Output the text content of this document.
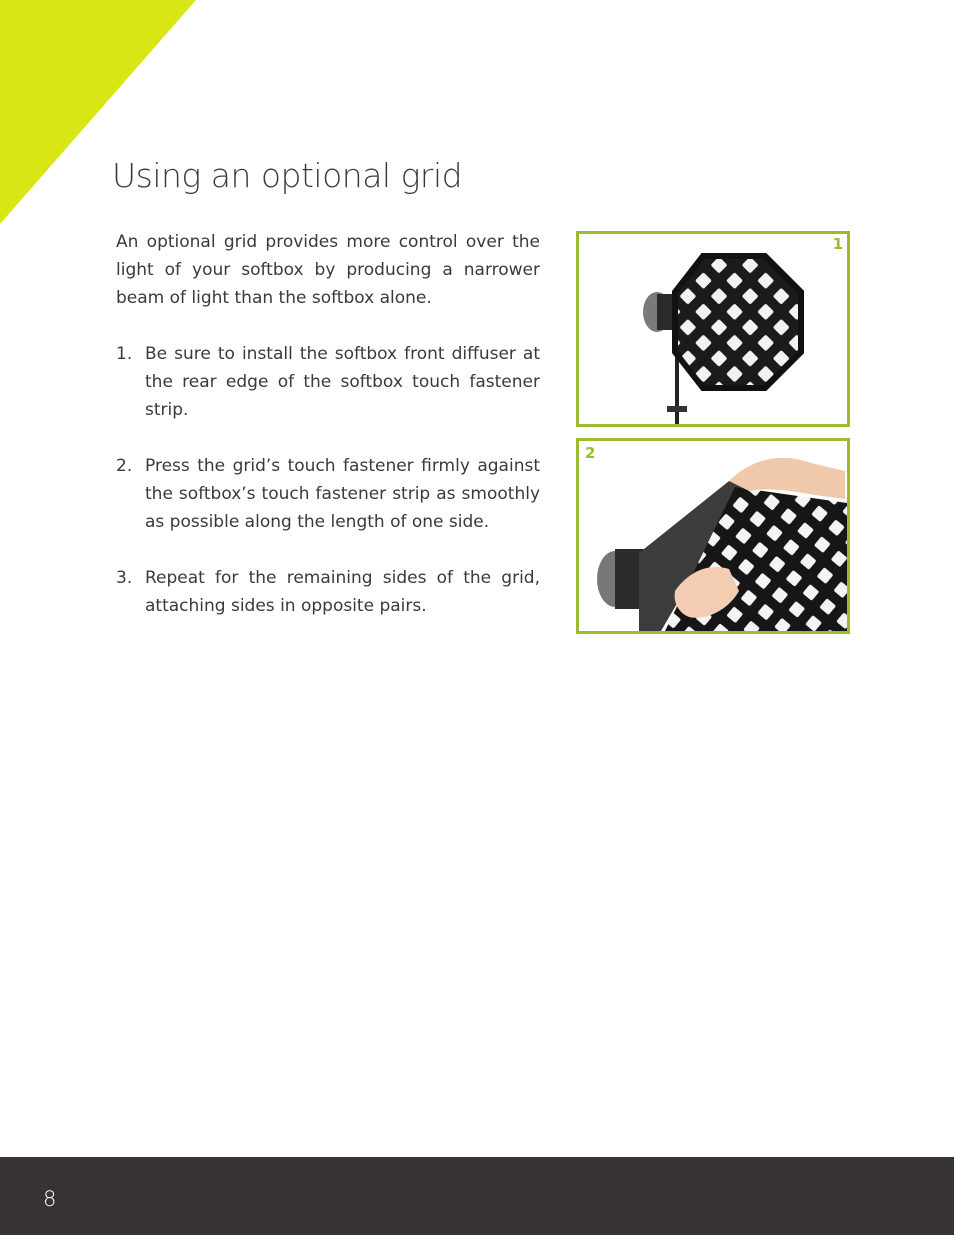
Using an optional grid

An optional grid provides more control over the light of your softbox by producing a narrower beam of light than the softbox alone.

1. Be sure to install the softbox front diffuser at the rear edge of the softbox touch fastener strip.
2. Press the grid’s touch fastener firmly against the softbox’s touch fastener strip as smoothly as possible along the length of one side.
3. Repeat for the remaining sides of the grid, attaching sides in opposite pairs.
1
2
8
